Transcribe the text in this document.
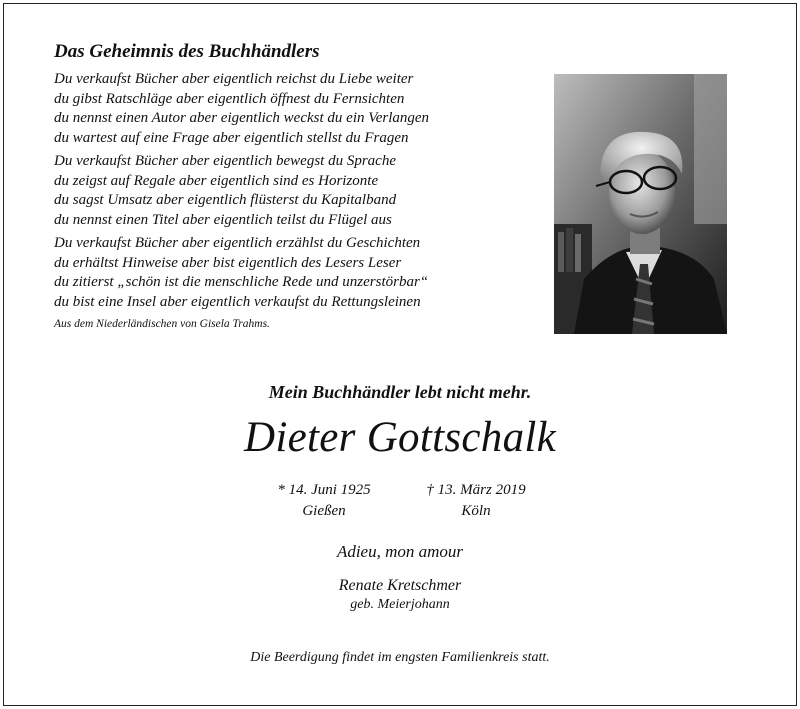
Das Geheimnis des Buchhändlers
Du verkaufst Bücher aber eigentlich reichst du Liebe weiter
du gibst Ratschläge aber eigentlich öffnest du Fernsichten
du nennst einen Autor aber eigentlich weckst du ein Verlangen
du wartest auf eine Frage aber eigentlich stellst du Fragen
Du verkaufst Bücher aber eigentlich bewegst du Sprache
du zeigst auf Regale aber eigentlich sind es Horizonte
du sagst Umsatz aber eigentlich flüsterst du Kapitalband
du nennst einen Titel aber eigentlich teilst du Flügel aus
Du verkaufst Bücher aber eigentlich erzählst du Geschichten
du erhältst Hinweise aber bist eigentlich des Lesers Leser
du zitierst „schön ist die menschliche Rede und unzerstörbar“
du bist eine Insel aber eigentlich verkaufst du Rettungsleinen
Aus dem Niederländischen von Gisela Trahms.
Mein Buchhändler lebt nicht mehr.
Dieter Gottschalk
* 14. Juni 1925
Gießen
† 13. März 2019
Köln
Adieu, mon amour
Renate Kretschmer
geb. Meierjohann
Die Beerdigung findet im engsten Familienkreis statt.
